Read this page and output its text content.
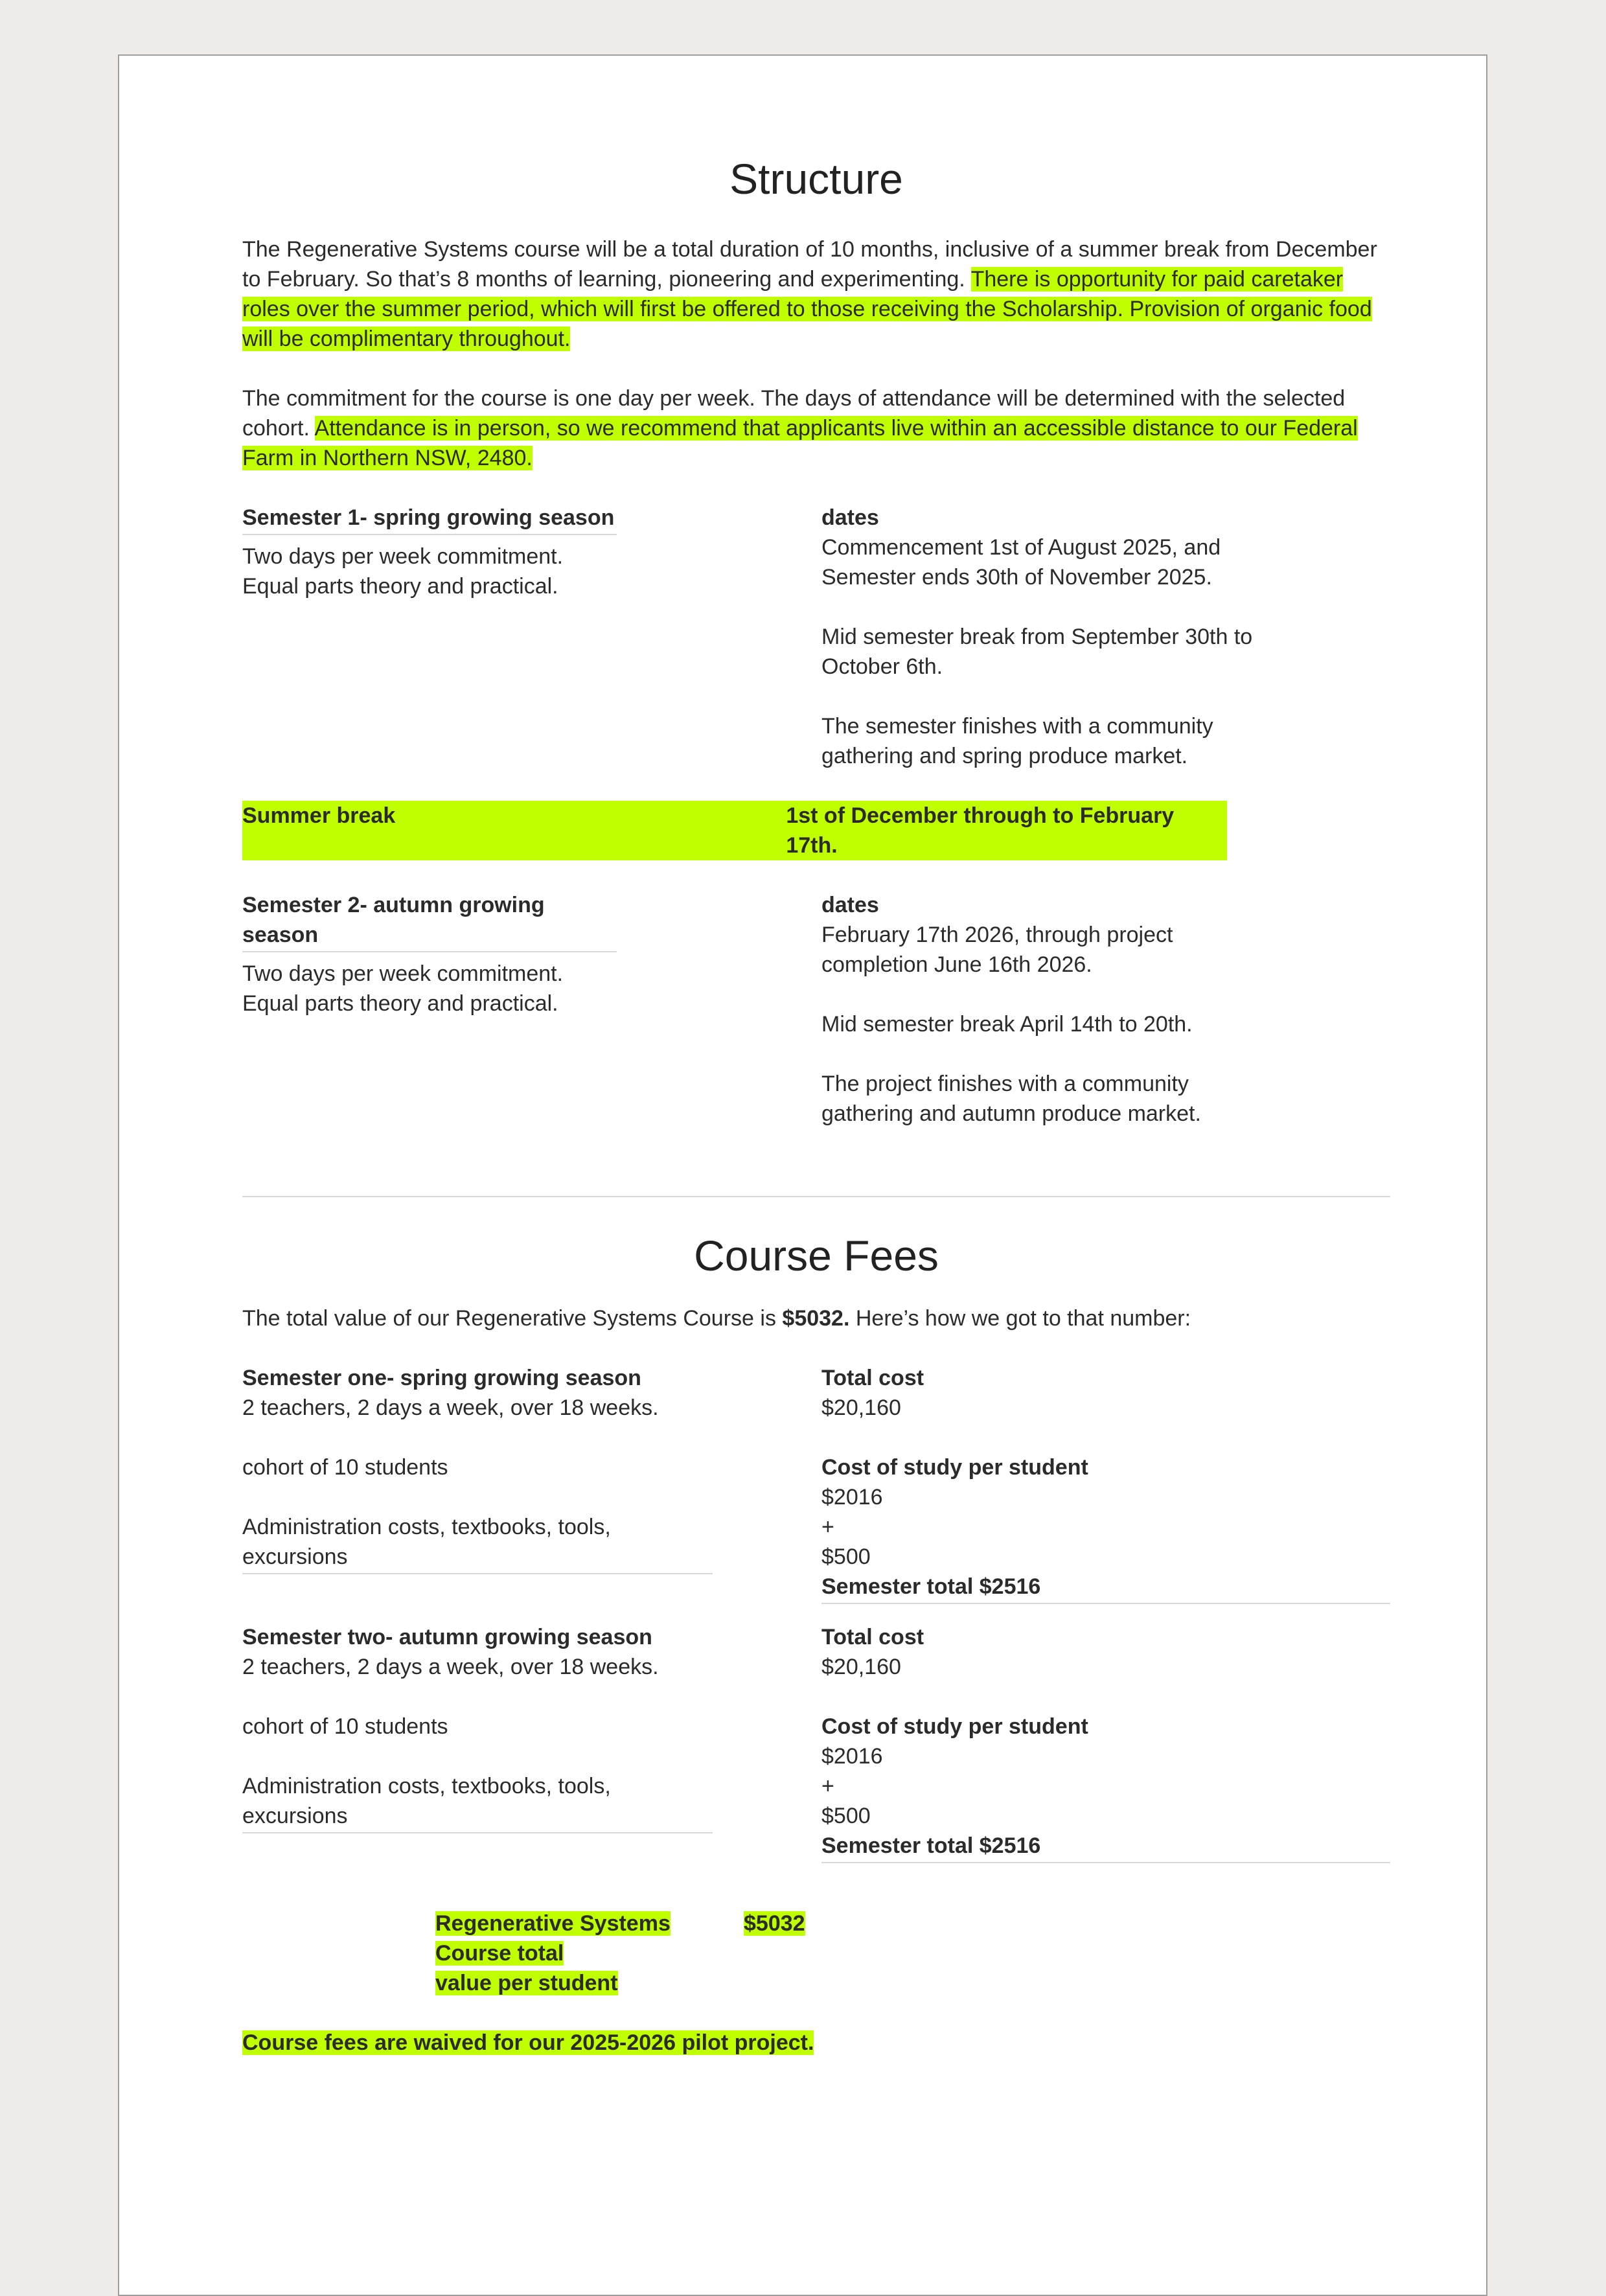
Structure

The Regenerative Systems course will be a total duration of 10 months, inclusive of a summer break from December to February. So that’s 8 months of learning, pioneering and experimenting. There is opportunity for paid caretaker roles over the summer period, which will first be offered to those receiving the Scholarship. Provision of organic food will be complimentary throughout.

The commitment for the course is one day per week. The days of attendance will be determined with the selected cohort. Attendance is in person, so we recommend that applicants live within an accessible distance to our Federal Farm in Northern NSW, 2480.

Semester 1- spring growing season
Two days per week commitment.
Equal parts theory and practical.
dates
Commencement 1st of August 2025, and
Semester ends 30th of November 2025.
Mid semester break from September 30th to
October 6th.
The semester finishes with a community
gathering and spring produce market.
Summer break	1st of December through to February 17th.
Semester 2- autumn growing
season
Two days per week commitment.
Equal parts theory and practical.
dates
February 17th 2026, through project
completion June 16th 2026.
Mid semester break April 14th to 20th.
The project finishes with a community
gathering and autumn produce market.
Course Fees

The total value of our Regenerative Systems Course is $5032. Here’s how we got to that number:

Semester one- spring growing season
2 teachers, 2 days a week, over 18 weeks.
cohort of 10 students
Administration costs, textbooks, tools,
excursions
Total cost
$20,160
Cost of study per student
$2016
+
$500
Semester total $2516
Semester two- autumn growing season
2 teachers, 2 days a week, over 18 weeks.
cohort of 10 students
Administration costs, textbooks, tools,
excursions
Total cost
$20,160
Cost of study per student
$2016
+
$500
Semester total $2516
Regenerative Systems Course total
value per student
$5032

Course fees are waived for our 2025-2026 pilot project.
